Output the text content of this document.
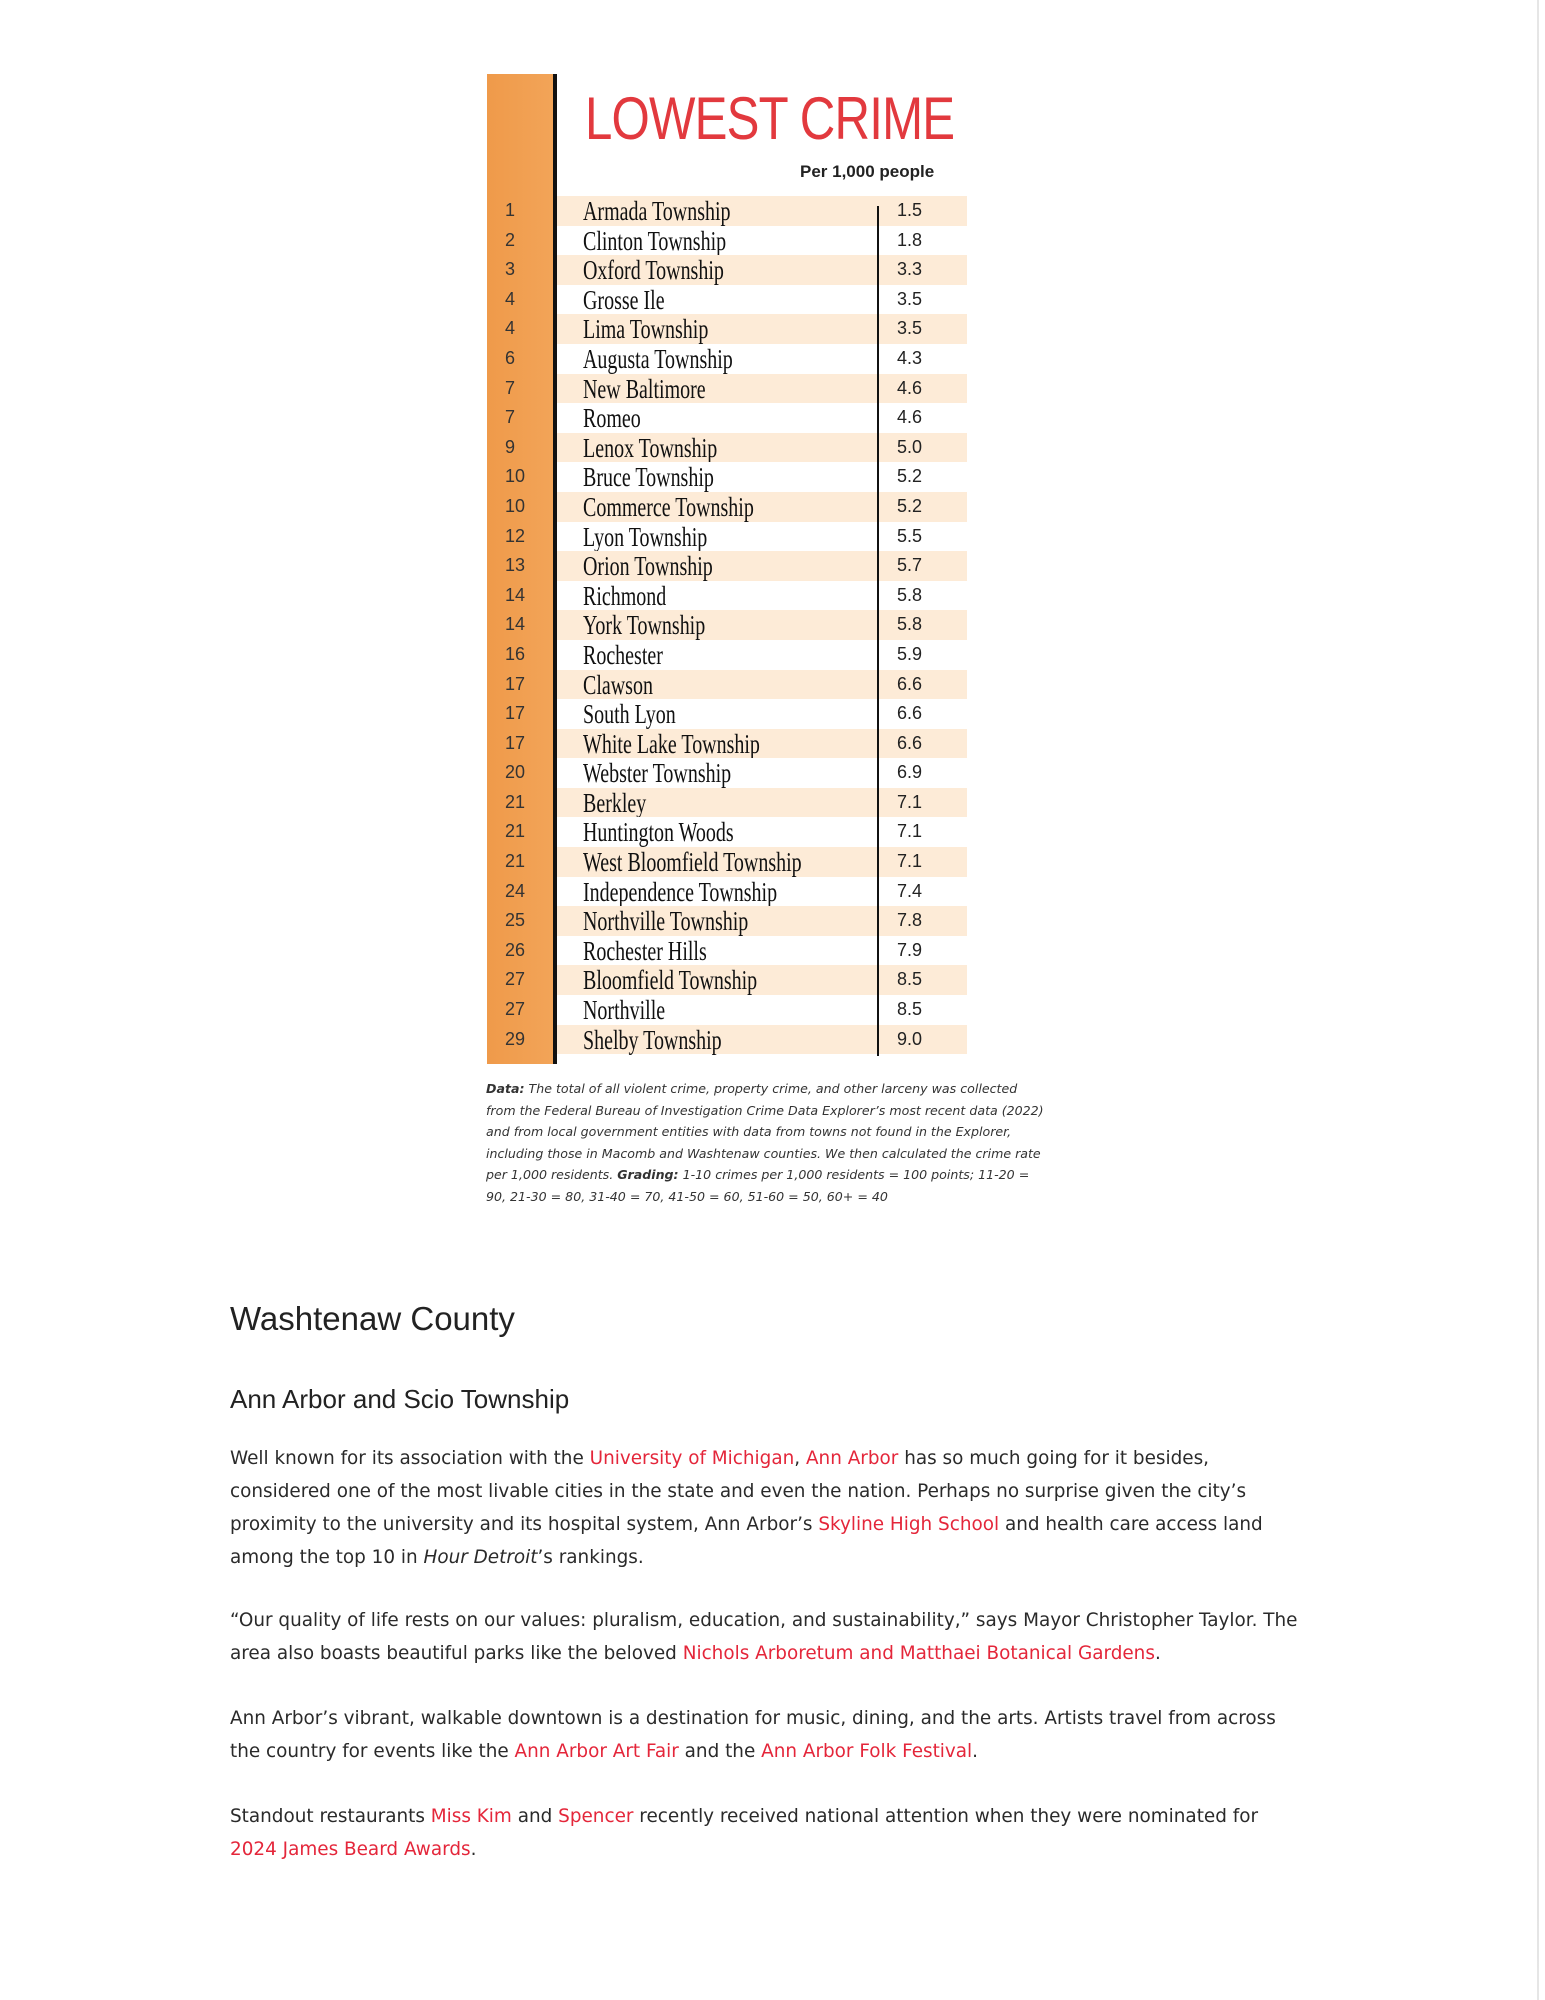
LOWEST CRIME

Per 1,000 people

1	Armada Township	1.5
2	Clinton Township	1.8
3	Oxford Township	3.3
4	Grosse Ile	3.5
4	Lima Township	3.5
6	Augusta Township	4.3
7	New Baltimore	4.6
7	Romeo	4.6
9	Lenox Township	5.0
10	Bruce Township	5.2
10	Commerce Township	5.2
12	Lyon Township	5.5
13	Orion Township	5.7
14	Richmond	5.8
14	York Township	5.8
16	Rochester	5.9
17	Clawson	6.6
17	South Lyon	6.6
17	White Lake Township	6.6
20	Webster Township	6.9
21	Berkley	7.1
21	Huntington Woods	7.1
21	West Bloomfield Township	7.1
24	Independence Township	7.4
25	Northville Township	7.8
26	Rochester Hills	7.9
27	Bloomfield Township	8.5
27	Northville	8.5
29	Shelby Township	9.0

Data: The total of all violent crime, property crime, and other larceny was collected from the Federal Bureau of Investigation Crime Data Explorer’s most recent data (2022) and from local government entities with data from towns not found in the Explorer, including those in Macomb and Washtenaw counties. We then calculated the crime rate per 1,000 residents. Grading: 1-10 crimes per 1,000 residents = 100 points; 11-20 = 90, 21-30 = 80, 31-40 = 70, 41-50 = 60, 51-60 = 50, 60+ = 40

Washtenaw County
Ann Arbor and Scio Township

Well known for its association with the University of Michigan, Ann Arbor has so much going for it besides, considered one of the most livable cities in the state and even the nation. Perhaps no surprise given the city’s proximity to the university and its hospital system, Ann Arbor’s Skyline High School and health care access land among the top 10 in Hour Detroit’s rankings.

“Our quality of life rests on our values: pluralism, education, and sustainability,” says Mayor Christopher Taylor. The area also boasts beautiful parks like the beloved Nichols Arboretum and Matthaei Botanical Gardens.

Ann Arbor’s vibrant, walkable downtown is a destination for music, dining, and the arts. Artists travel from across the country for events like the Ann Arbor Art Fair and the Ann Arbor Folk Festival.

Standout restaurants Miss Kim and Spencer recently received national attention when they were nominated for 2024 James Beard Awards.
